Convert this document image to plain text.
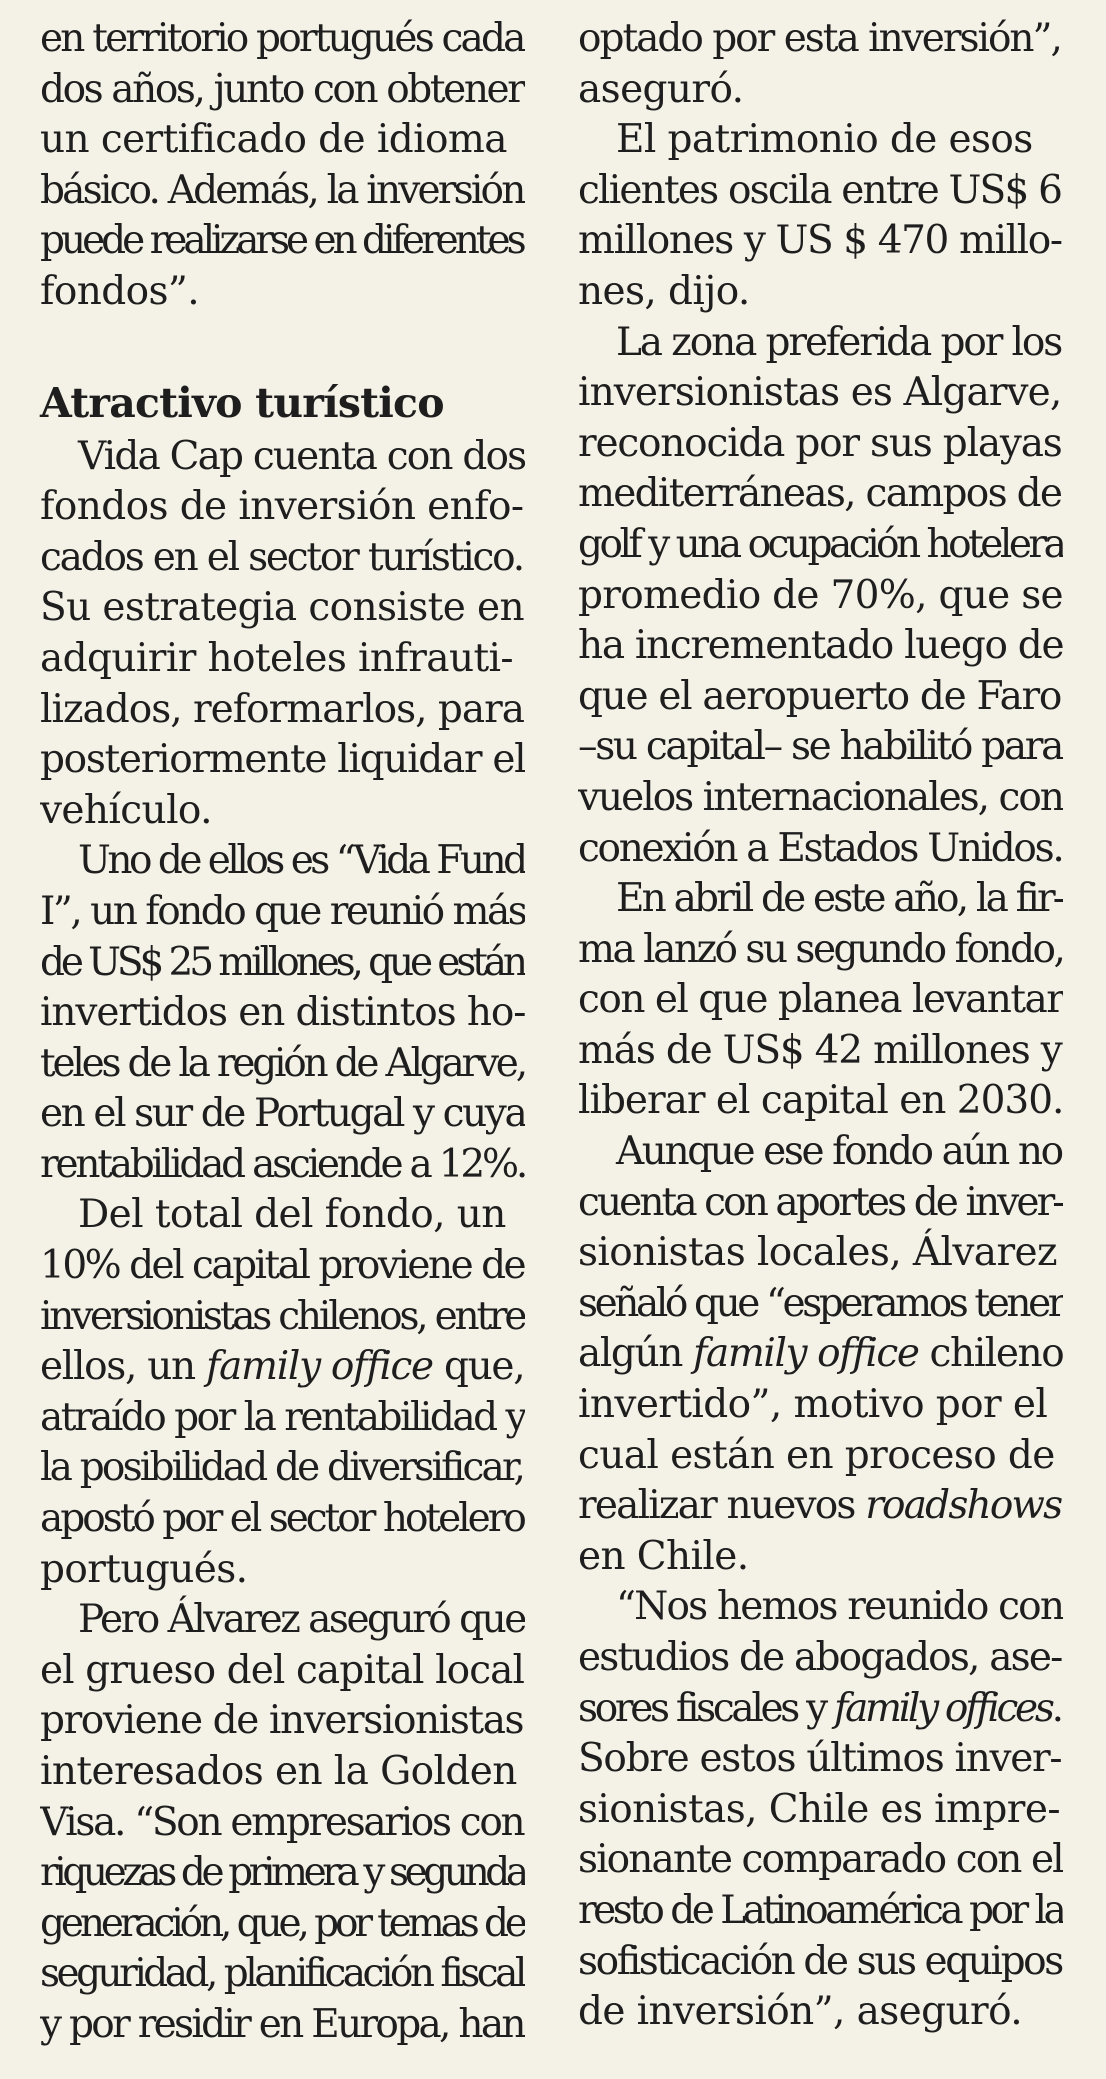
en territorio portugués cada
dos años, junto con obtener
un certificado de idioma
básico. Además, la inversión
puede realizarse en diferentes
fondos”.
Atractivo turístico
Vida Cap cuenta con dos
fondos de inversión enfo-
cados en el sector turístico.
Su estrategia consiste en
adquirir hoteles infrauti-
lizados, reformarlos, para
posteriormente liquidar el
vehículo.
Uno de ellos es “Vida Fund
I”, un fondo que reunió más
de US$ 25 millones, que están
invertidos en distintos ho-
teles de la región de Algarve,
en el sur de Portugal y cuya
rentabilidad asciende a 12%.
Del total del fondo, un
10% del capital proviene de
inversionistas chilenos, entre
ellos, un family office que,
atraído por la rentabilidad y
la posibilidad de diversificar,
apostó por el sector hotelero
portugués.
Pero Álvarez aseguró que
el grueso del capital local
proviene de inversionistas
interesados en la Golden
Visa. “Son empresarios con
riquezas de primera y segunda
generación, que, por temas de
seguridad, planificación fiscal
y por residir en Europa, han
optado por esta inversión”,
aseguró.
El patrimonio de esos
clientes oscila entre US$ 6
millones y US $ 470 millo-
nes, dijo.
La zona preferida por los
inversionistas es Algarve,
reconocida por sus playas
mediterráneas, campos de
golf y una ocupación hotelera
promedio de 70%, que se
ha incrementado luego de
que el aeropuerto de Faro
–su capital– se habilitó para
vuelos internacionales, con
conexión a Estados Unidos.
En abril de este año, la fir-
ma lanzó su segundo fondo,
con el que planea levantar
más de US$ 42 millones y
liberar el capital en 2030.
Aunque ese fondo aún no
cuenta con aportes de inver-
sionistas locales, Álvarez
señaló que “esperamos tener
algún family office chileno
invertido”, motivo por el
cual están en proceso de
realizar nuevos roadshows
en Chile.
“Nos hemos reunido con
estudios de abogados, ase-
sores fiscales y family offices.
Sobre estos últimos inver-
sionistas, Chile es impre-
sionante comparado con el
resto de Latinoamérica por la
sofisticación de sus equipos
de inversión”, aseguró.
